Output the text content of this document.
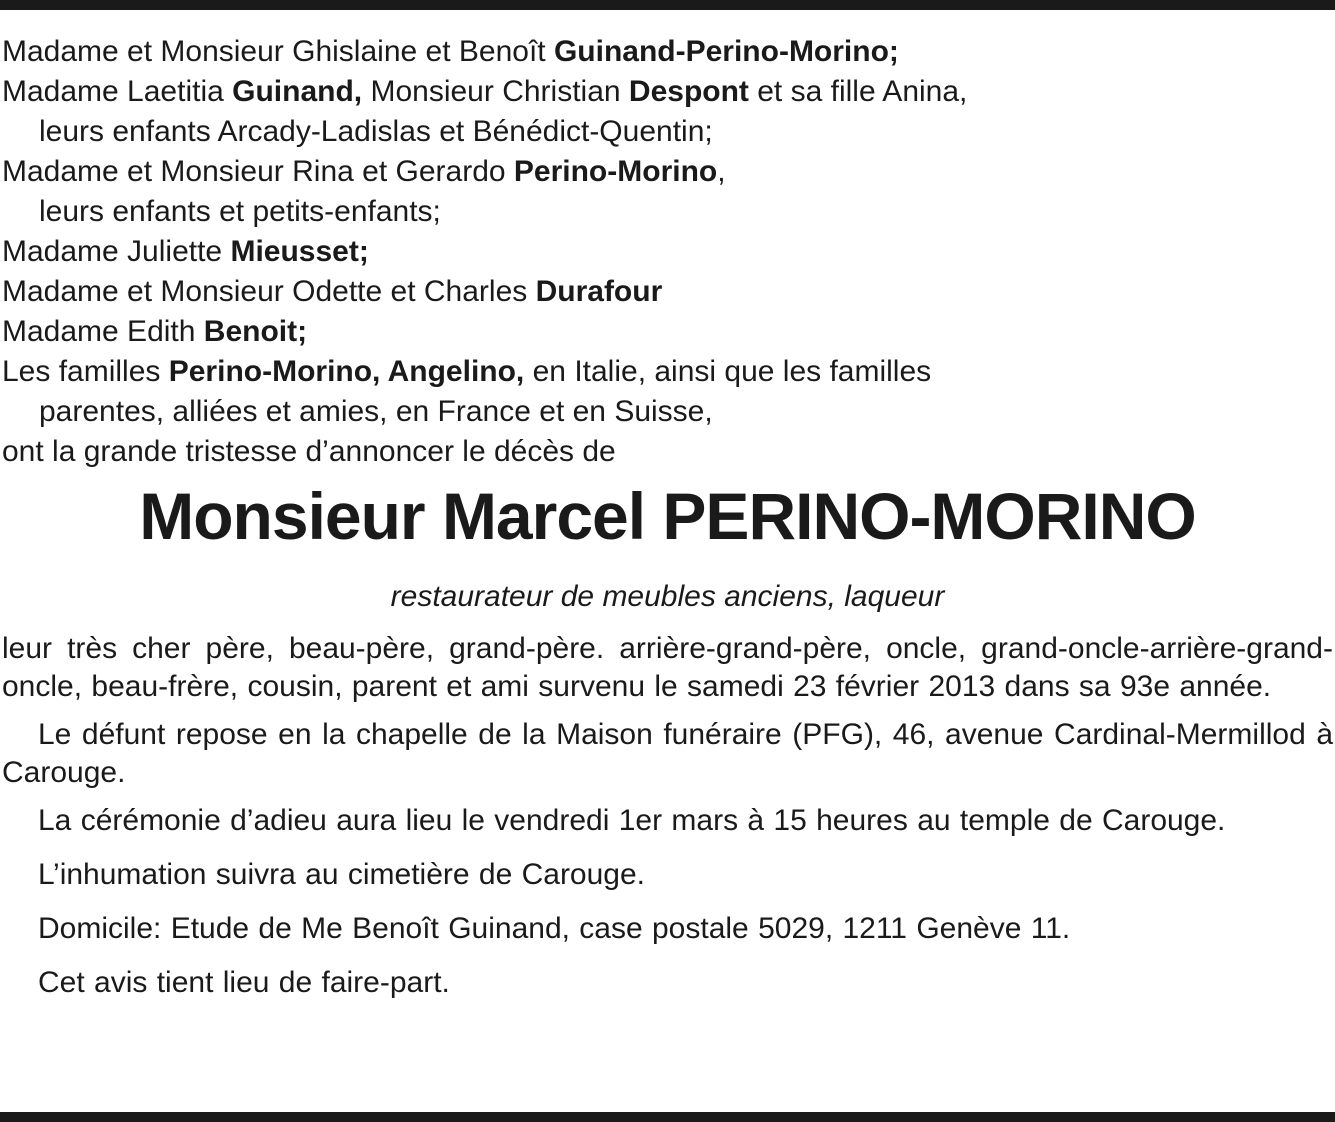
Madame et Monsieur Ghislaine et Benoît Guinand-Perino-Morino;
Madame Laetitia Guinand, Monsieur Christian Despont et sa fille Anina,
leurs enfants Arcady-Ladislas et Bénédict-Quentin;
Madame et Monsieur Rina et Gerardo Perino-Morino,
leurs enfants et petits-enfants;
Madame Juliette Mieusset;
Madame et Monsieur Odette et Charles Durafour
Madame Edith Benoit;
Les familles Perino-Morino, Angelino, en Italie, ainsi que les familles
parentes, alliées et amies, en France et en Suisse,
ont la grande tristesse d’annoncer le décès de
Monsieur Marcel PERINO-MORINO
restaurateur de meubles anciens, laqueur

leur très cher père, beau-père, grand-père. arrière-grand-père, oncle, grand-oncle-arrière-grand-oncle, beau-frère, cousin, parent et ami survenu le samedi 23 février 2013 dans sa 93e année.

Le défunt repose en la chapelle de la Maison funéraire (PFG), 46, avenue Cardinal-Mermillod à Carouge.

La cérémonie d’adieu aura lieu le vendredi 1er mars à 15 heures au temple de Carouge.

L’inhumation suivra au cimetière de Carouge.

Domicile: Etude de Me Benoît Guinand, case postale 5029, 1211 Genève 11.

Cet avis tient lieu de faire-part.
